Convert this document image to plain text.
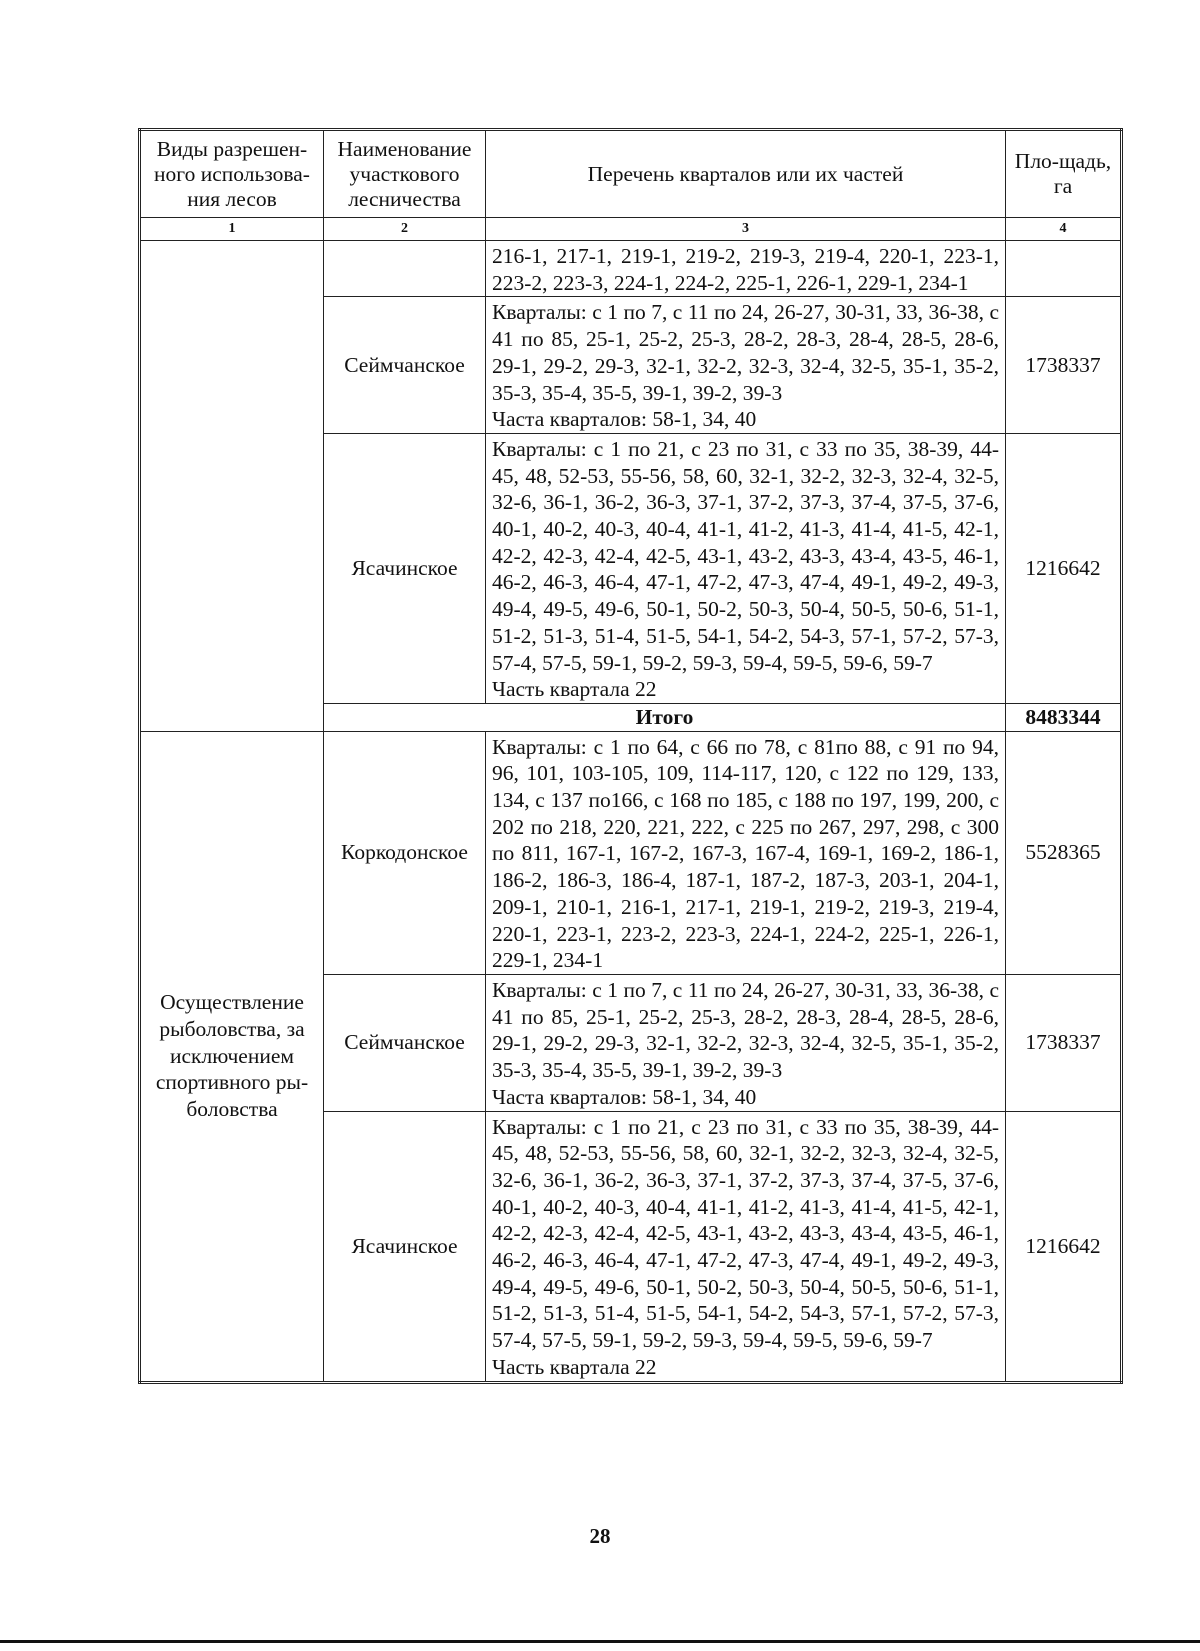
Виды разрешен-ного использова-ния лесов	Наименование участкового лесничества	Перечень кварталов или их частей	Пло-щадь, га
1	2	3	4
		216-1, 217-1, 219-1, 219-2, 219-3, 219-4, 220-1, 223-1, 223-2, 223-3, 224-1, 224-2, 225-1, 226-1, 229-1, 234-1	
	Сеймчанское	Кварталы: с 1 по 7, с 11 по 24, 26-27, 30-31, 33, 36-38, с 41 по 85, 25-1, 25-2, 25-3, 28-2, 28-3, 28-4, 28-5, 28-6, 29-1, 29-2, 29-3, 32-1, 32-2, 32-3, 32-4, 32-5, 35-1, 35-2, 35-3, 35-4, 35-5, 39-1, 39-2, 39-3
Часта кварталов: 58-1, 34, 40	1738337
	Ясачинское	Кварталы: с 1 по 21, с 23 по 31, с 33 по 35, 38-39, 44-45, 48, 52-53, 55-56, 58, 60, 32-1, 32-2, 32-3, 32-4, 32-5, 32-6, 36-1, 36-2, 36-3, 37-1, 37-2, 37-3, 37-4, 37-5, 37-6, 40-1, 40-2, 40-3, 40-4, 41-1, 41-2, 41-3, 41-4, 41-5, 42-1, 42-2, 42-3, 42-4, 42-5, 43-1, 43-2, 43-3, 43-4, 43-5, 46-1, 46-2, 46-3, 46-4, 47-1, 47-2, 47-3, 47-4, 49-1, 49-2, 49-3, 49-4, 49-5, 49-6, 50-1, 50-2, 50-3, 50-4, 50-5, 50-6, 51-1, 51-2, 51-3, 51-4, 51-5, 54-1, 54-2, 54-3, 57-1, 57-2, 57-3, 57-4, 57-5, 59-1, 59-2, 59-3, 59-4, 59-5, 59-6, 59-7
Часть квартала 22	1216642
	Итого		8483344
Осуществление рыболовства, за исключением спортивного ры-боловства	Коркодонское	Кварталы: с 1 по 64, с 66 по 78, с 81по 88, с 91 по 94, 96, 101, 103-105, 109, 114-117, 120, с 122 по 129, 133, 134, с 137 по166, с 168 по 185, с 188 по 197, 199, 200, с 202 по 218, 220, 221, 222, с 225 по 267, 297, 298, с 300 по 811, 167-1, 167-2, 167-3, 167-4, 169-1, 169-2, 186-1, 186-2, 186-3, 186-4, 187-1, 187-2, 187-3, 203-1, 204-1, 209-1, 210-1, 216-1, 217-1, 219-1, 219-2, 219-3, 219-4, 220-1, 223-1, 223-2, 223-3, 224-1, 224-2, 225-1, 226-1, 229-1, 234-1	5528365
	Сеймчанское	Кварталы: с 1 по 7, с 11 по 24, 26-27, 30-31, 33, 36-38, с 41 по 85, 25-1, 25-2, 25-3, 28-2, 28-3, 28-4, 28-5, 28-6, 29-1, 29-2, 29-3, 32-1, 32-2, 32-3, 32-4, 32-5, 35-1, 35-2, 35-3, 35-4, 35-5, 39-1, 39-2, 39-3
Часта кварталов: 58-1, 34, 40	1738337
	Ясачинское	Кварталы: с 1 по 21, с 23 по 31, с 33 по 35, 38-39, 44-45, 48, 52-53, 55-56, 58, 60, 32-1, 32-2, 32-3, 32-4, 32-5, 32-6, 36-1, 36-2, 36-3, 37-1, 37-2, 37-3, 37-4, 37-5, 37-6, 40-1, 40-2, 40-3, 40-4, 41-1, 41-2, 41-3, 41-4, 41-5, 42-1, 42-2, 42-3, 42-4, 42-5, 43-1, 43-2, 43-3, 43-4, 43-5, 46-1, 46-2, 46-3, 46-4, 47-1, 47-2, 47-3, 47-4, 49-1, 49-2, 49-3, 49-4, 49-5, 49-6, 50-1, 50-2, 50-3, 50-4, 50-5, 50-6, 51-1, 51-2, 51-3, 51-4, 51-5, 54-1, 54-2, 54-3, 57-1, 57-2, 57-3, 57-4, 57-5, 59-1, 59-2, 59-3, 59-4, 59-5, 59-6, 59-7
Часть квартала 22	1216642
28
